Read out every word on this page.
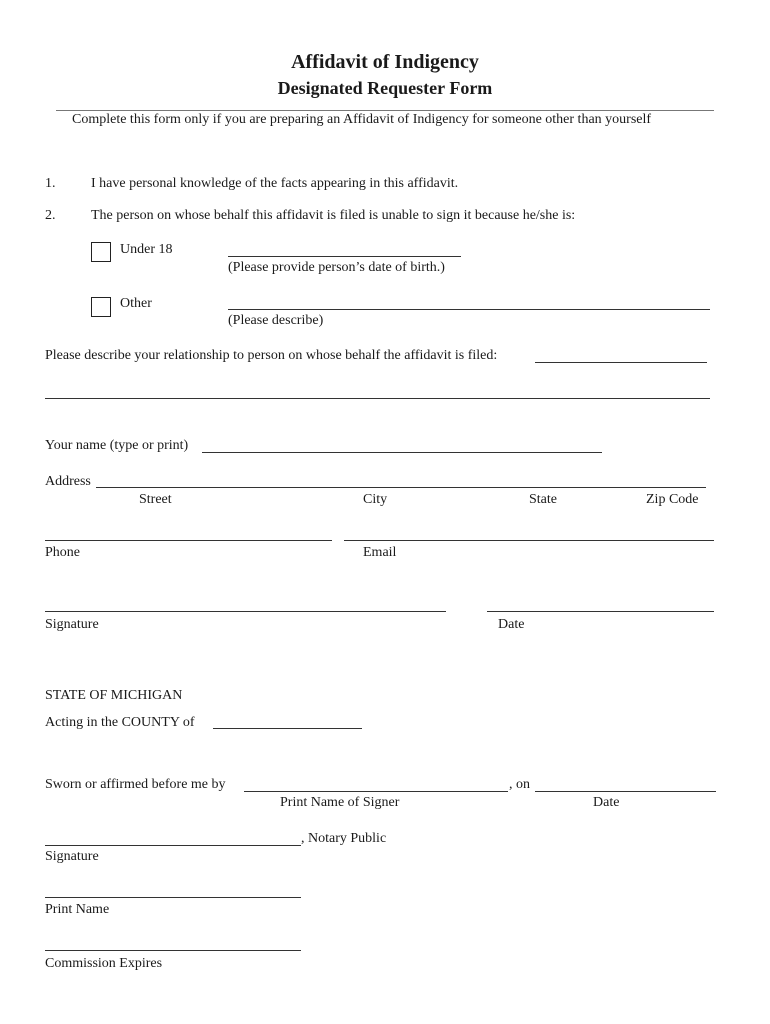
Affidavit of Indigency
Designated Requester Form
Complete this form only if you are preparing an Affidavit of Indigency for someone other than yourself
1.	I have personal knowledge of the facts appearing in this affidavit.
2.	The person on whose behalf this affidavit is filed is unable to sign it because he/she is:
Under 18
(Please provide person’s date of birth.)
Other
(Please describe)
Please describe your relationship to person on whose behalf the affidavit is filed:
Your name (type or print)
Address
Street	City	State	Zip Code
Phone	Email
Signature	Date
STATE OF MICHIGAN
Acting in the COUNTY of
Sworn or affirmed before me by	, on
Print Name of Signer	Date
, Notary Public
Signature
Print Name
Commission Expires
